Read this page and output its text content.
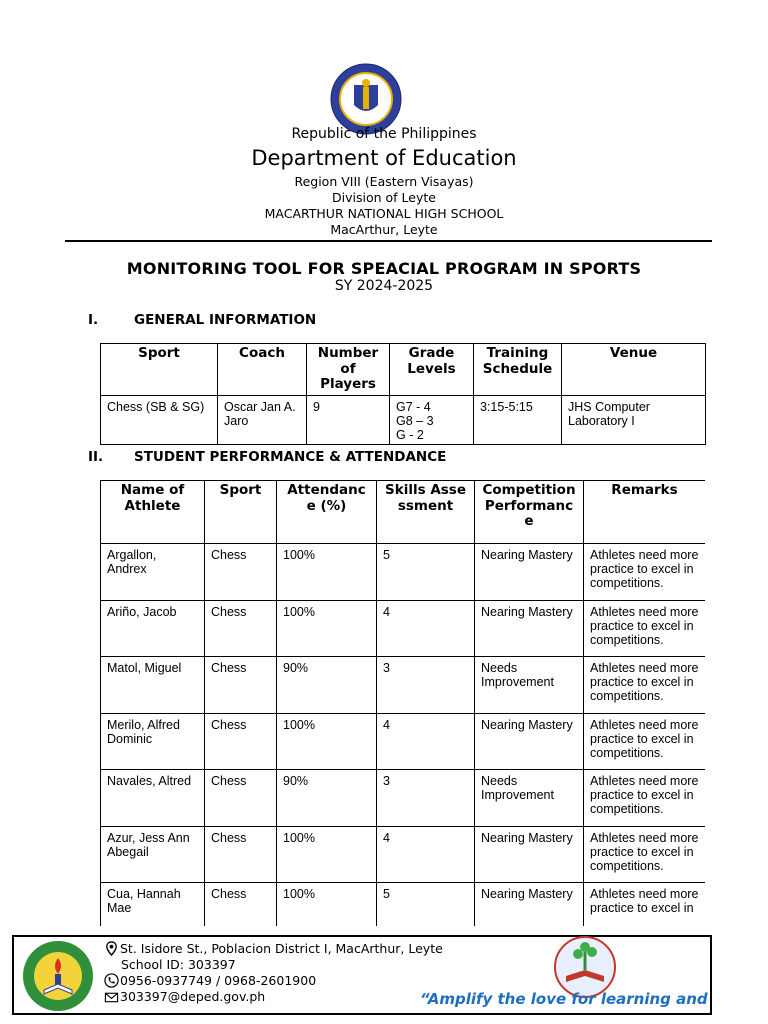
Republic of the Philippines
Department of Education
Region VIII (Eastern Visayas)
Division of Leyte
MACARTHUR NATIONAL HIGH SCHOOL
MacArthur, Leyte
MONITORING TOOL FOR SPEACIAL PROGRAM IN SPORTS
SY 2024-2025
I.	GENERAL INFORMATION
Sport	Coach	Number of Players	Grade Levels	Training Schedule	Venue
Chess (SB & SG)	Oscar Jan A. Jaro	9	G7 - 4
G8 – 3
G - 2	3:15-5:15	JHS Computer Laboratory I
II. STUDENT PERFORMANCE & ATTENDANCE
Name of Athlete	Sport	Attendance (%)	Skills Assessment	Competition Performance	Remarks
Argallon, Andrex	Chess	100%	5	Nearing Mastery	Athletes need more practice to excel in competitions.
Ariño, Jacob	Chess	100%	4	Nearing Mastery	Athletes need more practice to excel in competitions.
Matol, Miguel	Chess	90%	3	Needs Improvement	Athletes need more practice to excel in competitions.
Merilo, Alfred Dominic	Chess	100%	4	Nearing Mastery	Athletes need more practice to excel in competitions.
Navales, Altred	Chess	90%	3	Needs Improvement	Athletes need more practice to excel in competitions.
Azur, Jess Ann Abegail	Chess	100%	4	Nearing Mastery	Athletes need more practice to excel in competitions.
Cua, Hannah Mae	Chess	100%	5	Nearing Mastery	Athletes need more practice to excel in
St. Isidore St., Poblacion District I, MacArthur, Leyte
School ID: 303397
0956-0937749 / 0968-2601900
303397@deped.gov.ph	“Amplify the love for learning and
